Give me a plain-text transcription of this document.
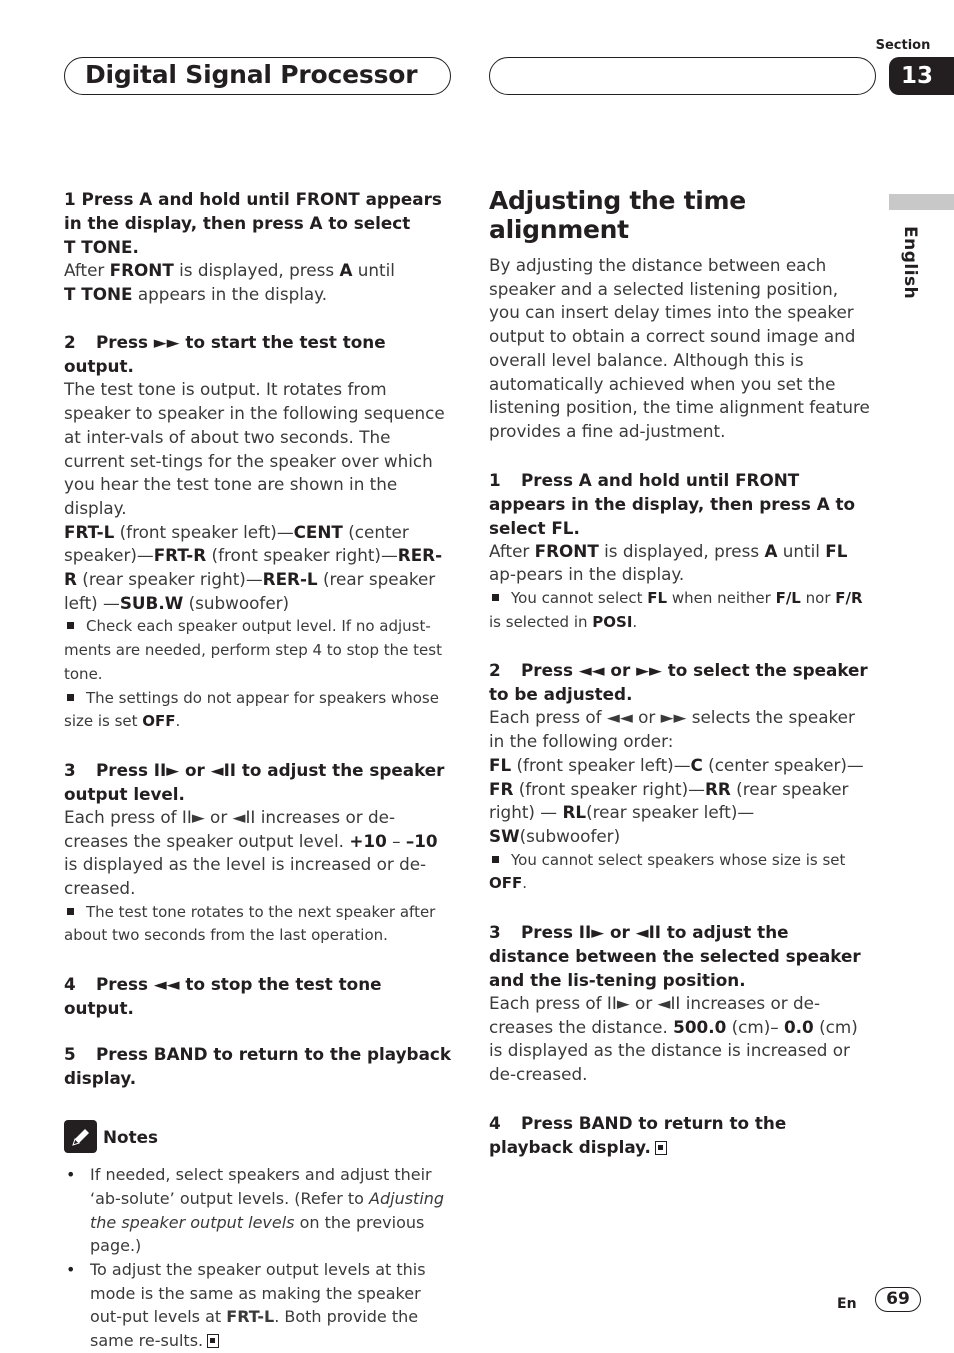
Digital Signal Processor
Section
13
English

1 Press A and hold until FRONT appears
in the display, then press A to select
T TONE.

After FRONT is displayed, press A until
T TONE appears in the display.

2 Press ►► to start the test tone output.

The test tone is output. It rotates from speaker to speaker in the following sequence at inter-vals of about two seconds. The current set-tings for the speaker over which you hear the test tone are shown in the display.

FRT-L (front speaker left)—CENT (center speaker)—FRT-R (front speaker right)—RER-R (rear speaker right)—RER-L (rear speaker left) —SUB.W (subwoofer)

Check each speaker output level. If no adjust-ments are needed, perform step 4 to stop the test tone.

The settings do not appear for speakers whose size is set OFF.

3 Press II► or ◄II to adjust the speaker output level.

Each press of II► or ◄II increases or de-creases the speaker output level. +10 – –10 is displayed as the level is increased or de-creased.

The test tone rotates to the next speaker after about two seconds from the last operation.

4 Press ◄◄ to stop the test tone output.

5 Press BAND to return to the playback display.

Notes
• If needed, select speakers and adjust their ‘ab-solute’ output levels. (Refer to Adjusting the speaker output levels on the previous page.)
• To adjust the speaker output levels at this mode is the same as making the speaker out-put levels at FRT-L. Both provide the same re-sults.
Adjusting the time alignment

By adjusting the distance between each speaker and a selected listening position, you can insert delay times into the speaker output to obtain a correct sound image and overall level balance. Although this is automatically achieved when you set the listening position, the time alignment feature provides a fine ad-justment.

1 Press A and hold until FRONT appears in the display, then press A to select FL.

After FRONT is displayed, press A until FL ap-pears in the display.

You cannot select FL when neither F/L nor F/R is selected in POSI.

2 Press ◄◄ or ►► to select the speaker to be adjusted.

Each press of ◄◄ or ►► selects the speaker in the following order:

FL (front speaker left)—C (center speaker)—FR (front speaker right)—RR (rear speaker right) — RL(rear speaker left)— SW(subwoofer)

You cannot select speakers whose size is set OFF.

3 Press II► or ◄II to adjust the distance between the selected speaker and the lis-tening position.

Each press of II► or ◄II increases or de-creases the distance. 500.0 (cm)– 0.0 (cm) is displayed as the distance is increased or de-creased.

4 Press BAND to return to the playback display.

En	69
